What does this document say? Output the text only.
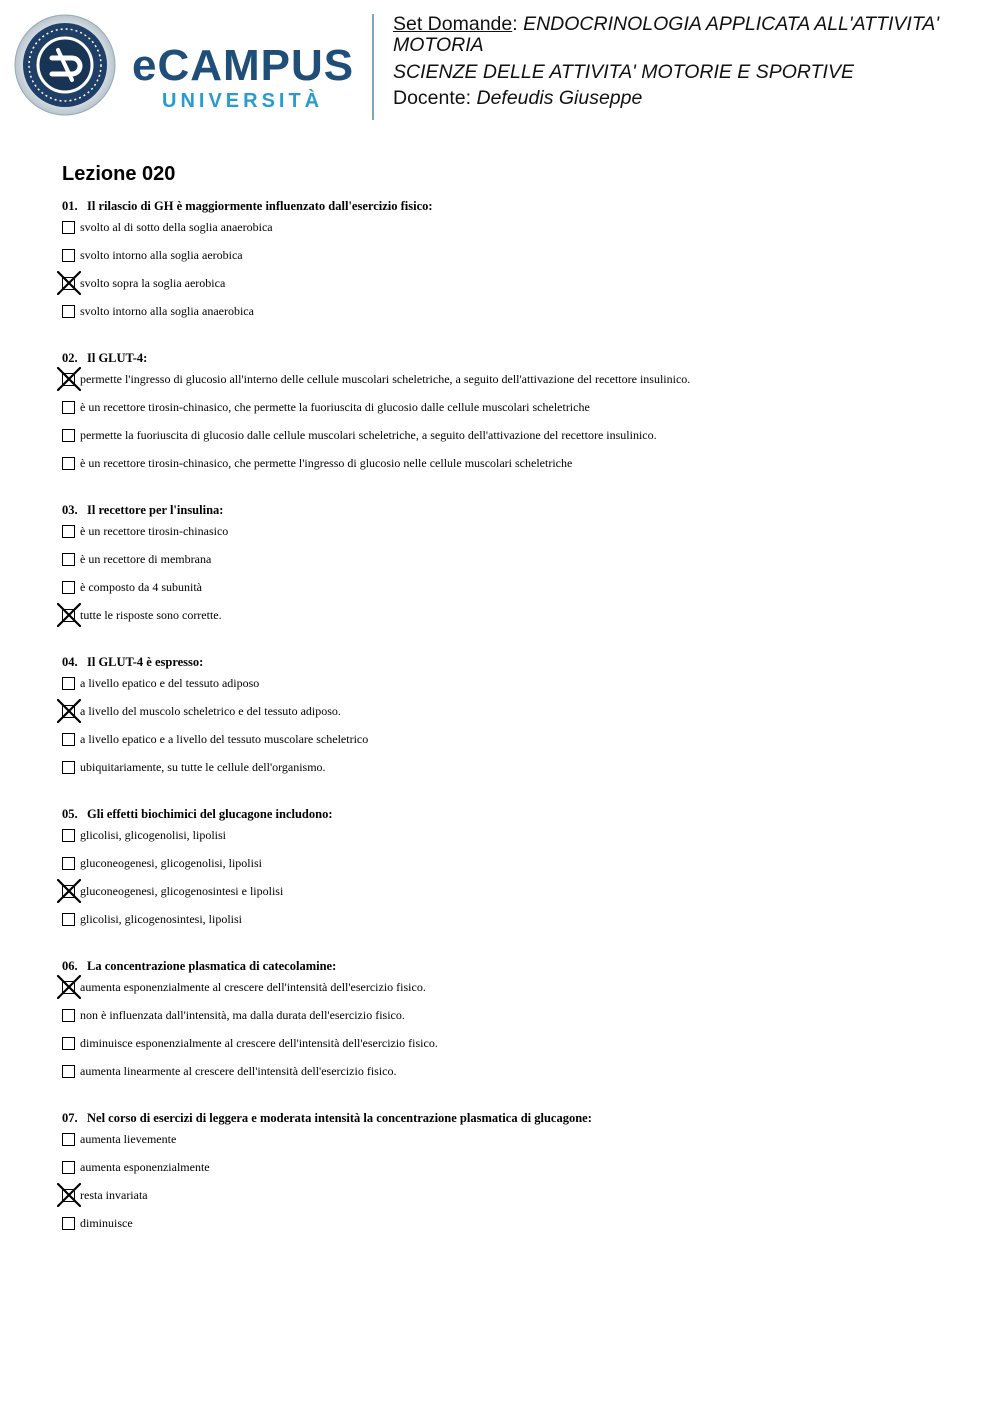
eCAMPUS
UNIVERSITÀ
Set Domande: ENDOCRINOLOGIA APPLICATA ALL'ATTIVITA' MOTORIA
SCIENZE DELLE ATTIVITA' MOTORIE E SPORTIVE
Docente: Defeudis Giuseppe
Lezione 020
01. Il rilascio di GH è maggiormente influenzato dall'esercizio fisico:
svolto al di sotto della soglia anaerobica
svolto intorno alla soglia aerobica
svolto sopra la soglia aerobica
svolto intorno alla soglia anaerobica
02. Il GLUT-4:
permette l'ingresso di glucosio all'interno delle cellule muscolari scheletriche, a seguito dell'attivazione del recettore insulinico.
è un recettore tirosin-chinasico, che permette la fuoriuscita di glucosio dalle cellule muscolari scheletriche
permette la fuoriuscita di glucosio dalle cellule muscolari scheletriche, a seguito dell'attivazione del recettore insulinico.
è un recettore tirosin-chinasico, che permette l'ingresso di glucosio nelle cellule muscolari scheletriche
03. Il recettore per l'insulina:
è un recettore tirosin-chinasico
è un recettore di membrana
è composto da 4 subunità
tutte le risposte sono corrette.
04. Il GLUT-4 è espresso:
a livello epatico e del tessuto adiposo
a livello del muscolo scheletrico e del tessuto adiposo.
a livello epatico e a livello del tessuto muscolare scheletrico
ubiquitariamente, su tutte le cellule dell'organismo.
05. Gli effetti biochimici del glucagone includono:
glicolisi, glicogenolisi, lipolisi
gluconeogenesi, glicogenolisi, lipolisi
gluconeogenesi, glicogenosintesi e lipolisi
glicolisi, glicogenosintesi, lipolisi
06. La concentrazione plasmatica di catecolamine:
aumenta esponenzialmente al crescere dell'intensità dell'esercizio fisico.
non è influenzata dall'intensità, ma dalla durata dell'esercizio fisico.
diminuisce esponenzialmente al crescere dell'intensità dell'esercizio fisico.
aumenta linearmente al crescere dell'intensità dell'esercizio fisico.
07. Nel corso di esercizi di leggera e moderata intensità la concentrazione plasmatica di glucagone:
aumenta lievemente
aumenta esponenzialmente
resta invariata
diminuisce
